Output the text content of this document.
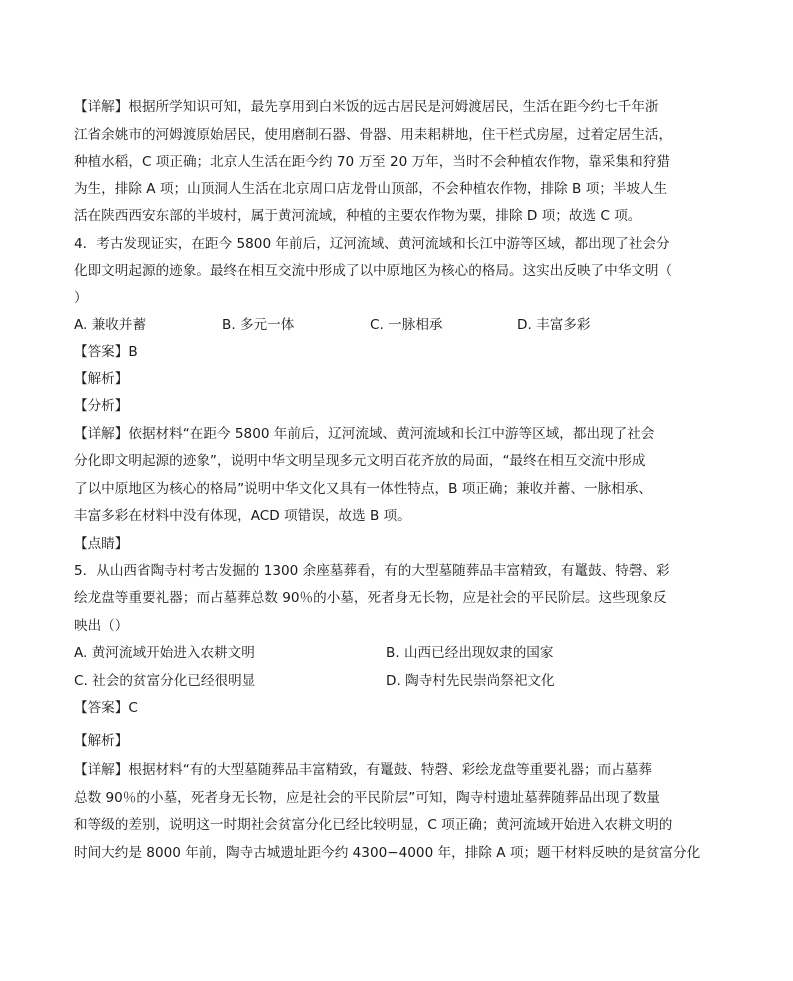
【详解】根据所学知识可知，最先享用到白米饭的远古居民是河姆渡居民，生活在距今约七千年浙
江省余姚市的河姆渡原始居民，使用磨制石器、骨器、用耒耜耕地，住干栏式房屋，过着定居生活，
种植水稻，C 项正确；北京人生活在距今约 70 万至 20 万年，当时不会种植农作物，靠采集和狩猎
为生，排除 A 项；山顶洞人生活在北京周口店龙骨山顶部，不会种植农作物，排除 B 项；半坡人生
活在陕西西安东部的半坡村，属于黄河流域，种植的主要农作物为粟，排除 D 项；故选 C 项。
4．考古发现证实，在距今 5800 年前后，辽河流域、黄河流域和长江中游等区域，都出现了社会分
化即文明起源的迹象。最终在相互交流中形成了以中原地区为核心的格局。这实出反映了中华文明（
）
A. 兼收并蓄	B. 多元一体	C. 一脉相承	D. 丰富多彩
【答案】B
【解析】
【分析】
【详解】依据材料“在距今 5800 年前后，辽河流域、黄河流域和长江中游等区域，都出现了社会
分化即文明起源的迹象”，说明中华文明呈现多元文明百花齐放的局面，“最终在相互交流中形成
了以中原地区为核心的格局”说明中华文化又具有一体性特点，B 项正确；兼收并蓄、一脉相承、
丰富多彩在材料中没有体现，ACD 项错误，故选 B 项。
【点睛】
5．从山西省陶寺村考古发掘的 1300 余座墓葬看，有的大型墓随葬品丰富精致，有鼍鼓、特磬、彩
绘龙盘等重要礼器；而占墓葬总数 90％的小墓，死者身无长物，应是社会的平民阶层。这些现象反
映出（）
A. 黄河流域开始进入农耕文明	B. 山西已经出现奴隶的国家
C. 社会的贫富分化已经很明显	D. 陶寺村先民崇尚祭祀文化
【答案】C
【解析】
【详解】根据材料“有的大型墓随葬品丰富精致，有鼍鼓、特磬、彩绘龙盘等重要礼器；而占墓葬
总数 90％的小墓，死者身无长物，应是社会的平民阶层”可知，陶寺村遗址墓葬随葬品出现了数量
和等级的差别，说明这一时期社会贫富分化已经比较明显，C 项正确；黄河流域开始进入农耕文明的
时间大约是 8000 年前，陶寺古城遗址距今约 4300−4000 年，排除 A 项；题干材料反映的是贫富分化
